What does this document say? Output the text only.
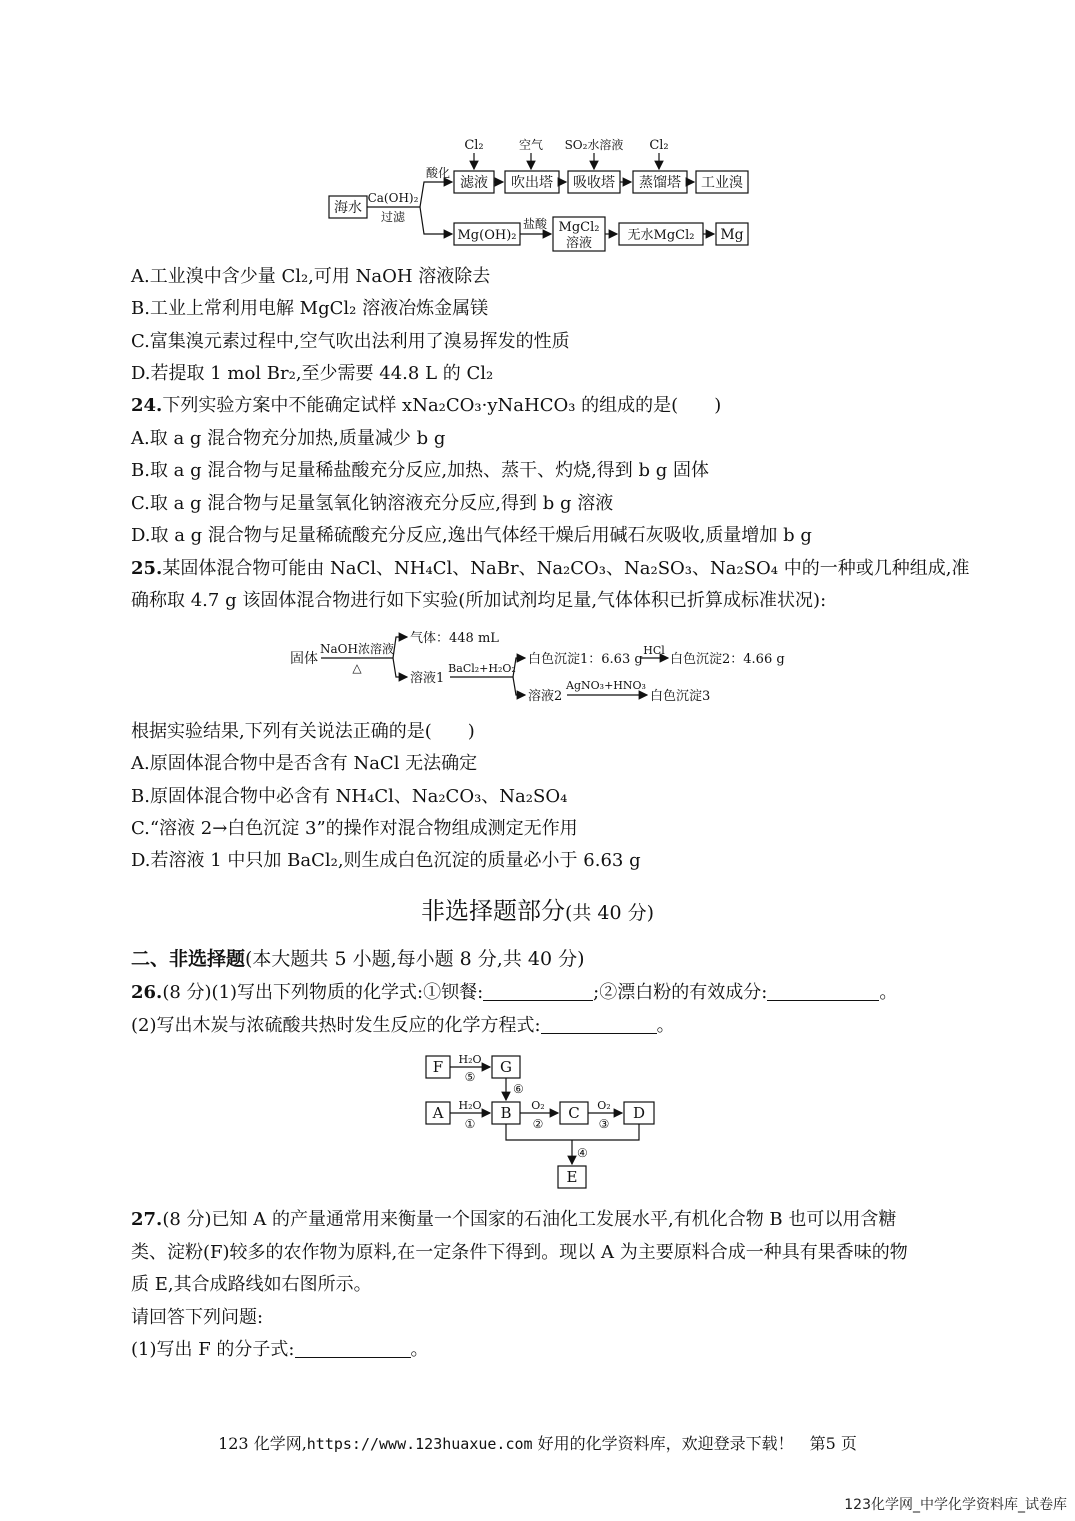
海水
Ca(OH)₂
过滤
酸化
滤液 吹出塔 吸收塔 蒸馏塔 工业溴
Cl₂	空气 SO₂水溶液 Cl₂
Mg(OH)₂
盐酸 MgCl₂
溶液
无水MgCl₂ Mg
A.工业溴中含少量 Cl₂,可用 NaOH 溶液除去
B.工业上常利用电解 MgCl₂ 溶液冶炼金属镁
C.富集溴元素过程中,空气吹出法利用了溴易挥发的性质
D.若提取 1 mol Br₂,至少需要 44.8 L 的 Cl₂
24.下列实验方案中不能确定试样 xNa₂CO₃·yNaHCO₃ 的组成的是(　　)
A.取 a g 混合物充分加热,质量减少 b g
B.取 a g 混合物与足量稀盐酸充分反应,加热、蒸干、灼烧,得到 b g 固体
C.取 a g 混合物与足量氢氧化钠溶液充分反应,得到 b g 溶液
D.取 a g 混合物与足量稀硫酸充分反应,逸出气体经干燥后用碱石灰吸收,质量增加 b g
25.某固体混合物可能由 NaCl、NH₄Cl、NaBr、Na₂CO₃、Na₂SO₃、Na₂SO₄ 中的一种或几种组成,准
确称取 4.7 g 该固体混合物进行如下实验(所加试剂均足量,气体体积已折算成标准状况):
固体
NaOH浓溶液
△
气体：448 mL
溶液1
BaCl₂+H₂O₂
白色沉淀1：6.63 g
HCl
白色沉淀2：4.66 g
溶液2
AgNO₃+HNO₃
白色沉淀3
根据实验结果,下列有关说法正确的是(　　)
A.原固体混合物中是否含有 NaCl 无法确定
B.原固体混合物中必含有 NH₄Cl、Na₂CO₃、Na₂SO₄
C.“溶液 2→白色沉淀 3”的操作对混合物组成测定无作用
D.若溶液 1 中只加 BaCl₂,则生成白色沉淀的质量必小于 6.63 g
非选择题部分(共 40 分)
二、非选择题(本大题共 5 小题,每小题 8 分,共 40 分)
26.(8 分)(1)写出下列物质的化学式:①钡餐:	;②漂白粉的有效成分:	。
(2)写出木炭与浓硫酸共热时发生反应的化学方程式:	。
F H₂O
⑤
G
⑥
A H₂O
①
B O₂
②
C O₂
③
D
④
E
27.(8 分)已知 A 的产量通常用来衡量一个国家的石油化工发展水平,有机化合物 B 也可以用含糖
类、淀粉(F)较多的农作物为原料,在一定条件下得到。现以 A 为主要原料合成一种具有果香味的物
质 E,其合成路线如右图所示。
请回答下列问题:
(1)写出 F 的分子式:	。
123 化学网,https://www.123huaxue.com 好用的化学资料库，欢迎登录下载！　第5 页
123化学网_中学化学资料库_试卷库
